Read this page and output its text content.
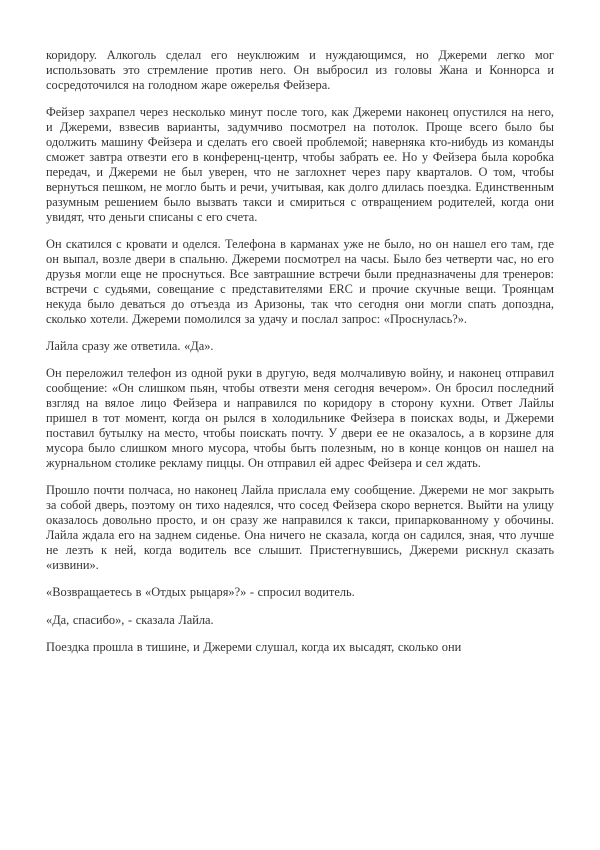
коридору. Алкоголь сделал его неуклюжим и нуждающимся, но Джереми легко мог использовать это стремление против него. Он выбросил из головы Жана и Коннорса и сосредоточился на голодном жаре ожерелья Фейзера.

Фейзер захрапел через несколько минут после того, как Джереми наконец опустился на него, и Джереми, взвесив варианты, задумчиво посмотрел на потолок. Проще всего было бы одолжить машину Фейзера и сделать его своей проблемой; наверняка кто-нибудь из команды сможет завтра отвезти его в конференц-центр, чтобы забрать ее. Но у Фейзера была коробка передач, и Джереми не был уверен, что не заглохнет через пару кварталов. О том, чтобы вернуться пешком, не могло быть и речи, учитывая, как долго длилась поездка. Единственным разумным решением было вызвать такси и смириться с отвращением родителей, когда они увидят, что деньги списаны с его счета.

Он скатился с кровати и оделся. Телефона в карманах уже не было, но он нашел его там, где он выпал, возле двери в спальню. Джереми посмотрел на часы. Было без четверти час, но его друзья могли еще не проснуться. Все завтрашние встречи были предназначены для тренеров: встречи с судьями, совещание с представителями ERC и прочие скучные вещи. Троянцам некуда было деваться до отъезда из Аризоны, так что сегодня они могли спать допоздна, сколько хотели. Джереми помолился за удачу и послал запрос: «Проснулась?».

Лайла сразу же ответила. «Да».

Он переложил телефон из одной руки в другую, ведя молчаливую войну, и наконец отправил сообщение: «Он слишком пьян, чтобы отвезти меня сегодня вечером». Он бросил последний взгляд на вялое лицо Фейзера и направился по коридору в сторону кухни. Ответ Лайлы пришел в тот момент, когда он рылся в холодильнике Фейзера в поисках воды, и Джереми поставил бутылку на место, чтобы поискать почту. У двери ее не оказалось, а в корзине для мусора было слишком много мусора, чтобы быть полезным, но в конце концов он нашел на журнальном столике рекламу пиццы. Он отправил ей адрес Фейзера и сел ждать.

Прошло почти полчаса, но наконец Лайла прислала ему сообщение. Джереми не мог закрыть за собой дверь, поэтому он тихо надеялся, что сосед Фейзера скоро вернется. Выйти на улицу оказалось довольно просто, и он сразу же направился к такси, припаркованному у обочины. Лайла ждала его на заднем сиденье. Она ничего не сказала, когда он садился, зная, что лучше не лезть к ней, когда водитель все слышит. Пристегнувшись, Джереми рискнул сказать «извини».

«Возвращаетесь в «Отдых рыцаря»?» - спросил водитель.

«Да, спасибо», - сказала Лайла.

Поездка прошла в тишине, и Джереми слушал, когда их высадят, сколько они
